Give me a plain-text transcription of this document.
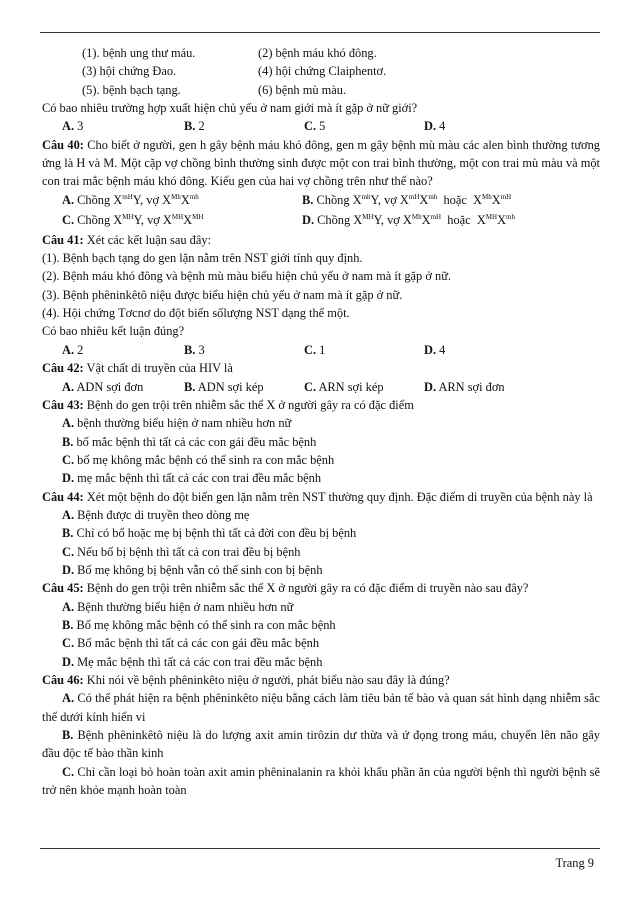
(1). bệnh ung thư máu.	(2) bệnh máu khó đông.
(3) hội chứng Đao.	(4) hội chứng Claiphentơ.
(5). bệnh bạch tạng.	(6) bệnh mù màu.
Có bao nhiêu trường hợp xuất hiện chủ yếu ở nam giới mà ít gặp ở nữ giới?
A. 3	B. 2	C. 5	D. 4
Câu 40: Cho biết ở người, gen h gây bệnh máu khó đông, gen m gây bệnh mù màu các alen bình thường tương ứng là H và M. Một cặp vợ chồng bình thường sinh được một con trai bình thường, một con trai mù màu và một con trai mắc bệnh máu khó đông. Kiểu gen của hai vợ chồng trên như thế nào?
A. Chồng $X^{mH}Y$, vợ $X^{Mh}X^{mh}$	B. Chồng $X^{mh}Y$, vợ $X^{mH}X^{mh}$  hoặc  $X^{Mh}X^{mH}$
C. Chồng $X^{MH}Y$, vợ $X^{MH}X^{MH}$	D. Chồng $X^{MH}Y$, vợ $X^{Mh}X^{mH}$  hoặc  $X^{MH}X^{mh}$
Câu 41: Xét các kết luận sau đây:
(1). Bệnh bạch tạng do gen lặn nằm trên NST giới tính quy định.
(2). Bệnh máu khó đông và bệnh mù màu biểu hiện chủ yếu ở nam mà ít gặp ở nữ.
(3). Bệnh phêninkêtô niệu được biểu hiện chủ yếu ở nam mà ít gặp ở nữ.
(4). Hội chứng Tơcnơ do đột biến sốlượng NST dạng thể một.
Có bao nhiêu kết luận đúng?
A. 2	B. 3	C. 1	D. 4
Câu 42: Vật chất di truyền của HIV là
A. ADN sợi đơn	B. ADN sợi kép	C. ARN sợi kép	D. ARN sợi đơn
Câu 43: Bệnh do gen trội trên nhiễm sắc thể X ở người gây ra có đặc điểm
A. bệnh thường biểu hiện ở nam nhiều hơn nữ
B. bố mắc bệnh thì tất cả các con gái đều mắc bệnh
C. bố mẹ không mắc bệnh có thể sinh ra con mắc bệnh
D. mẹ mắc bệnh thì tất cả các con trai đều mắc bệnh
Câu 44: Xét một bệnh do đột biến gen lặn nằm trên NST thường quy định. Đặc điểm di truyền của bệnh này là
A. Bệnh được di truyền theo dòng mẹ
B. Chỉ có bố hoặc mẹ bị bệnh thì tất cả đời con đều bị bệnh
C. Nếu bố bị bệnh thì tất cả con trai đều bị bệnh
D. Bố mẹ không bị bệnh vẫn có thể sinh con bị bệnh
Câu 45: Bệnh do gen trội trên nhiễm sắc thể X ở người gây ra có đặc điểm di truyền nào sau đây?
A. Bệnh thường biểu hiện ở nam nhiều hơn nữ
B. Bố mẹ không mắc bệnh có thể sinh ra con mắc bệnh
C. Bố mắc bệnh thì tất cả các con gái đều mắc bệnh
D. Mẹ mắc bệnh thì tất cả các con trai đều mắc bệnh
Câu 46: Khi nói về bệnh phêninkêto niệu ở người, phát biểu nào sau đây là đúng?
A. Có thể phát hiện ra bệnh phêninkêto niệu bằng cách làm tiêu bản tế bào và quan sát hình dạng nhiễm sắc thể dưới kính hiển vi
B. Bệnh phêninkêtô niệu là do lượng axit amin tirôzin dư thừa và ứ đọng trong máu, chuyển lên não gây đầu độc tế bào thần kinh
C. Chỉ cần loại bỏ hoàn toàn axit amin phêninalanin ra khỏi khẩu phần ăn của người bệnh thì người bệnh sẽ trở nên khỏe mạnh hoàn toàn
Trang 9
